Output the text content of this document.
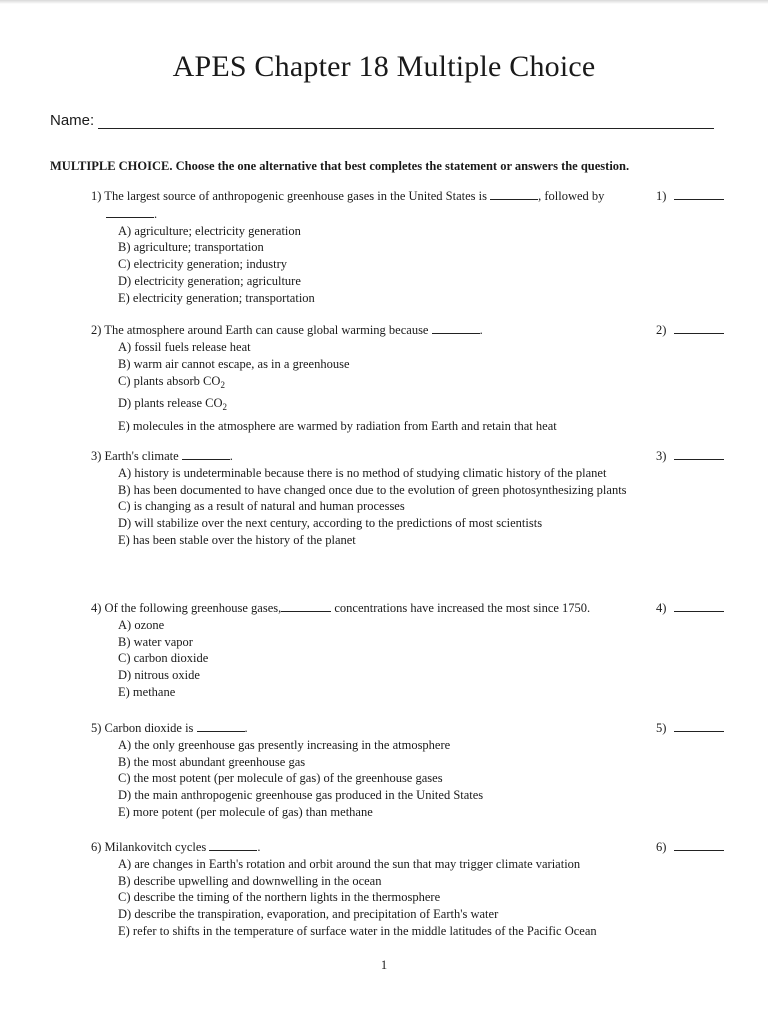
APES Chapter 18 Multiple Choice
Name:
MULTIPLE CHOICE. Choose the one alternative that best completes the statement or answers the question.
1) The largest source of anthropogenic greenhouse gases in the United States is	, followed by
.
A) agriculture; electricity generation
B) agriculture; transportation
C) electricity generation; industry
D) electricity generation; agriculture
E) electricity generation; transportation
1)
2) The atmosphere around Earth can cause global warming because	.
A) fossil fuels release heat
B) warm air cannot escape, as in a greenhouse
C) plants absorb $CO_2$
D) plants release $CO_2$
E) molecules in the atmosphere are warmed by radiation from Earth and retain that heat
2)
3) Earth's climate	.
A) history is undeterminable because there is no method of studying climatic history of the planet
B) has been documented to have changed once due to the evolution of green photosynthesizing plants
C) is changing as a result of natural and human processes
D) will stabilize over the next century, according to the predictions of most scientists
E) has been stable over the history of the planet
3)
4) Of the following greenhouse gases,	concentrations have increased the most since 1750.
A) ozone
B) water vapor
C) carbon dioxide
D) nitrous oxide
E) methane
4)
5) Carbon dioxide is	.
A) the only greenhouse gas presently increasing in the atmosphere
B) the most abundant greenhouse gas
C) the most potent (per molecule of gas) of the greenhouse gases
D) the main anthropogenic greenhouse gas produced in the United States
E) more potent (per molecule of gas) than methane
5)
6) Milankovitch cycles	.
A) are changes in Earth's rotation and orbit around the sun that may trigger climate variation
B) describe upwelling and downwelling in the ocean
C) describe the timing of the northern lights in the thermosphere
D) describe the transpiration, evaporation, and precipitation of Earth's water
E) refer to shifts in the temperature of surface water in the middle latitudes of the Pacific Ocean
6)
1
